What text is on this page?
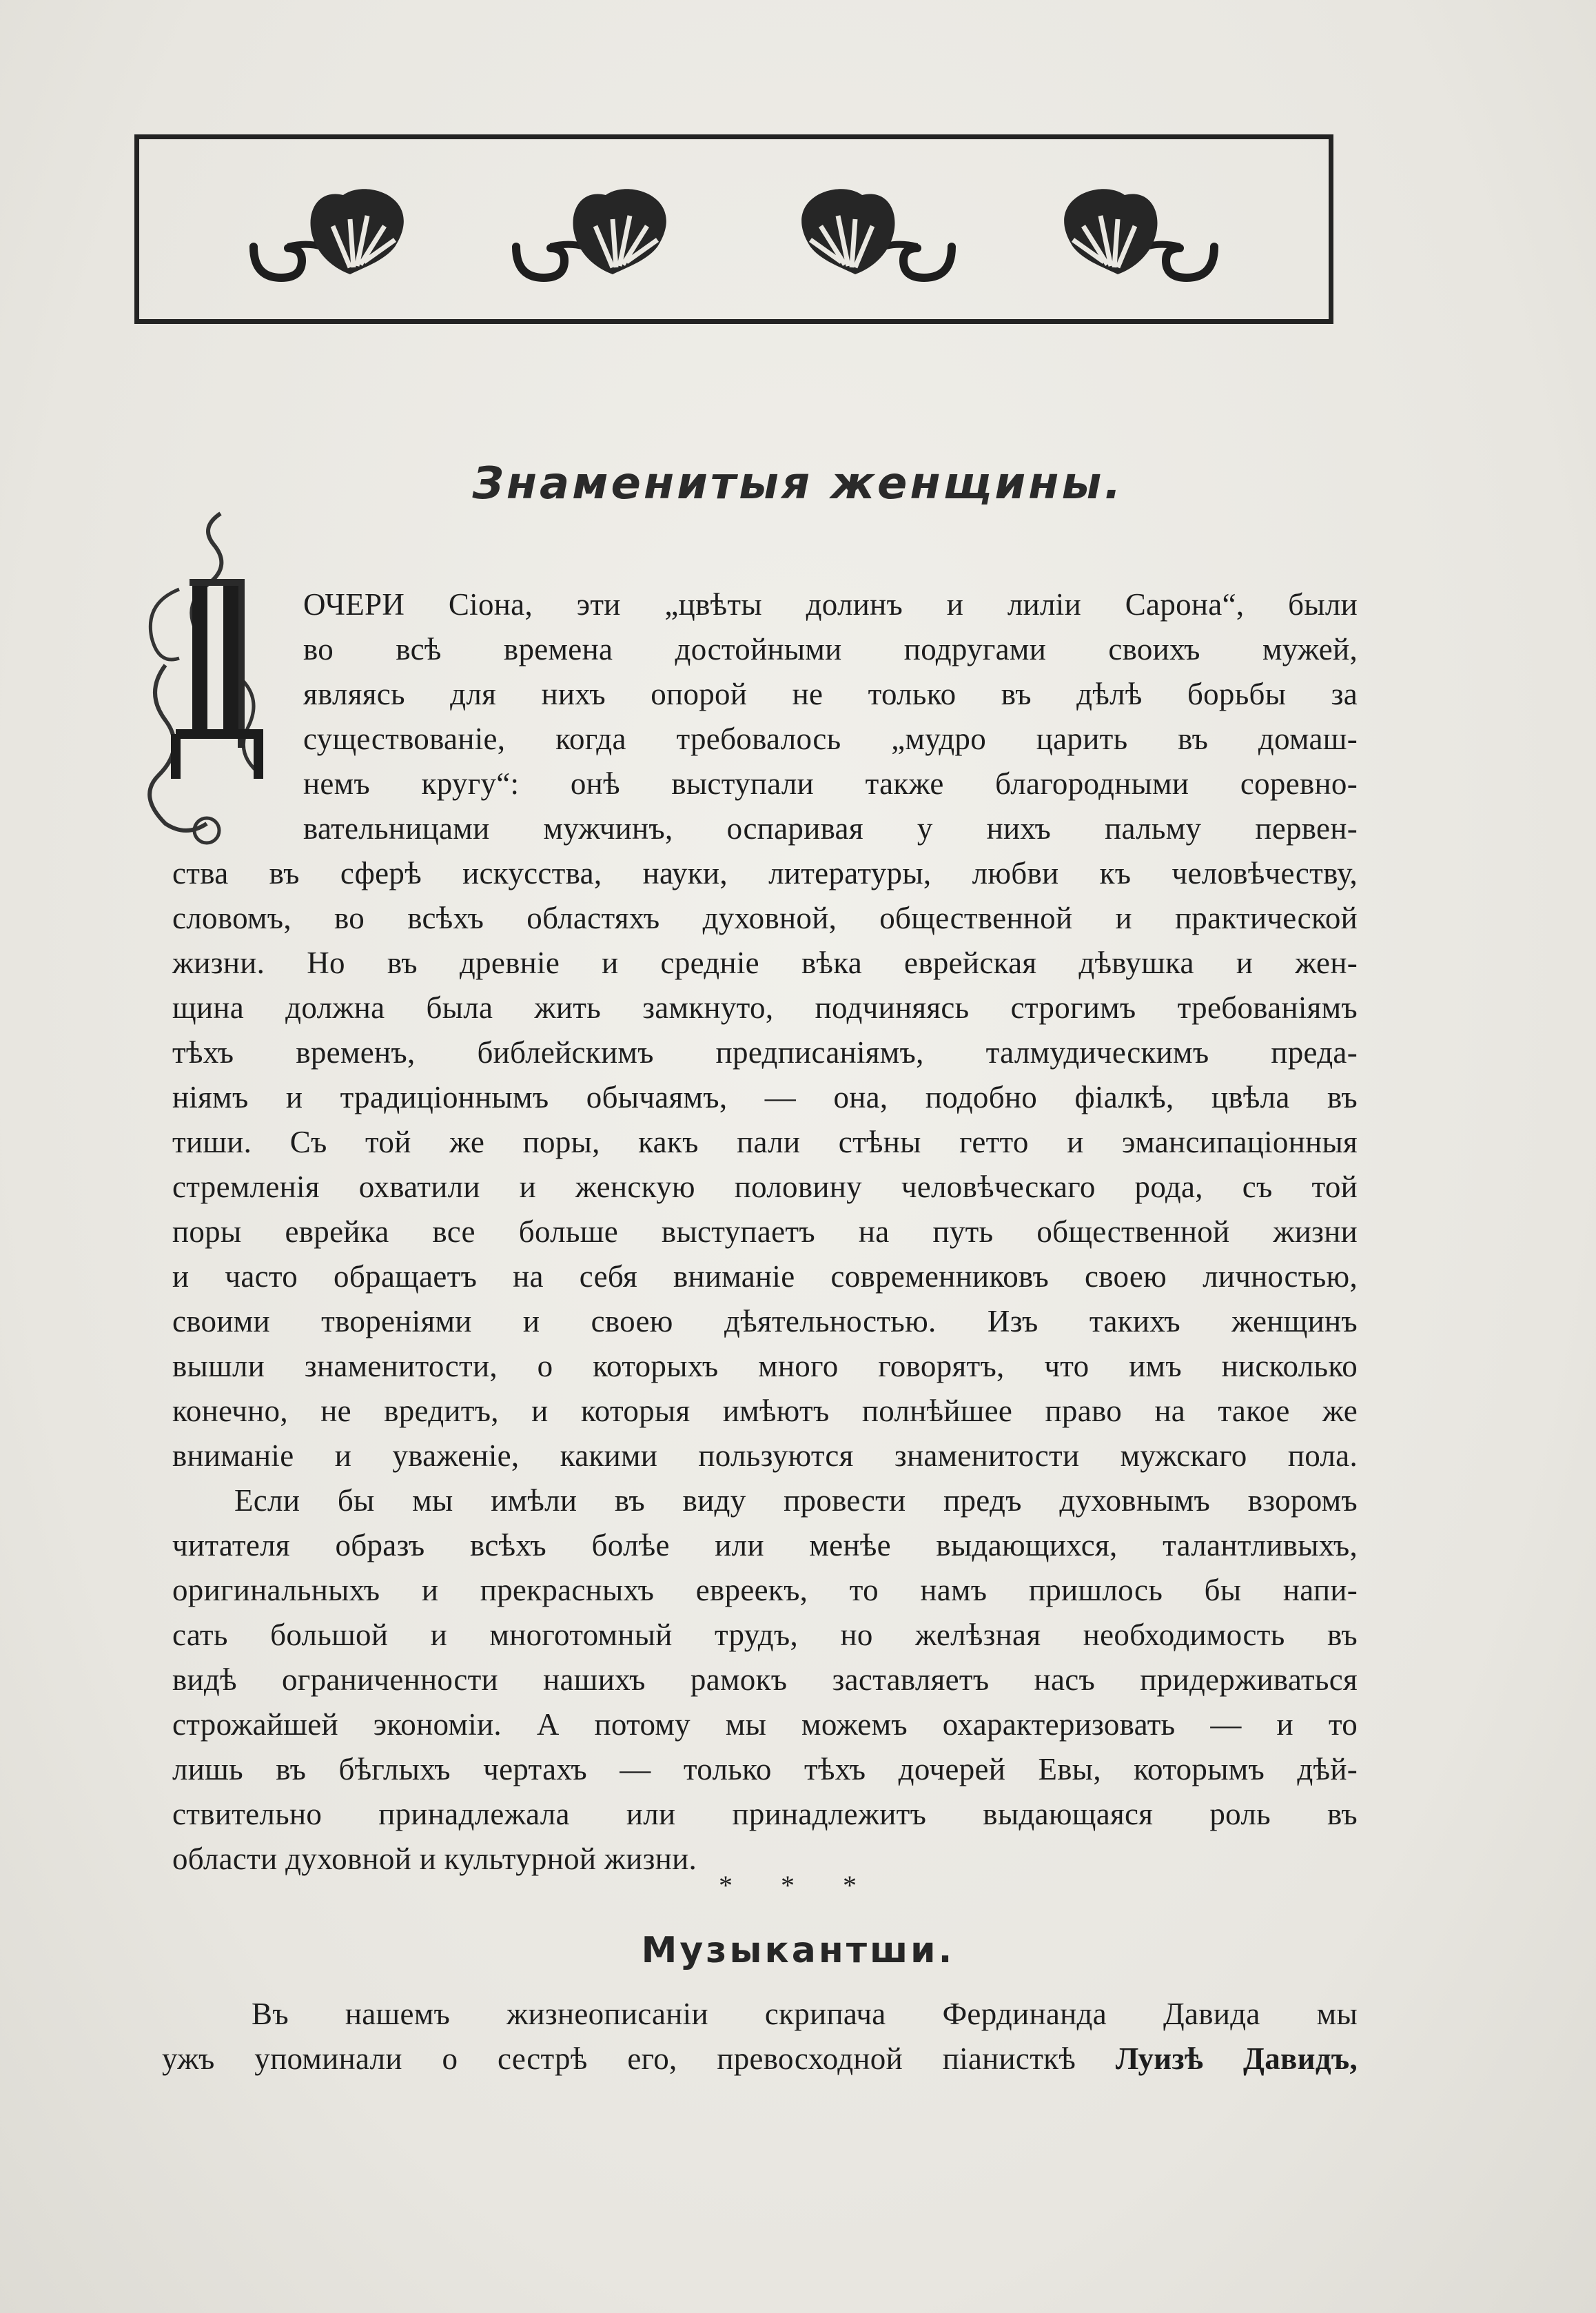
Знаменитыя женщины.
ОЧЕРИ Сіона, эти „цвѣты долинъ и лиліи Сарона“, были
во всѣ времена достойными подругами своихъ мужей,
являясь для нихъ опорой не только въ дѣлѣ борьбы за
существованіе, когда требовалось „мудро царить въ домаш-
немъ кругу“: онѣ выступали также благородными соревно-
вательницами мужчинъ, оспаривая у нихъ пальму первен-
ства въ сферѣ искусства, науки, литературы, любви къ человѣчеству,
словомъ, во всѣхъ областяхъ духовной, общественной и практической
жизни. Но въ древніе и средніе вѣка еврейская дѣвушка и жен-
щина должна была жить замкнуто, подчиняясь строгимъ требованіямъ
тѣхъ временъ, библейскимъ предписаніямъ, талмудическимъ преда-
ніямъ и традиціоннымъ обычаямъ, — она, подобно фіалкѣ, цвѣла въ
тиши. Съ той же поры, какъ пали стѣны гетто и эмансипаціонныя
стремленія охватили и женскую половину человѣческаго рода, съ той
поры еврейка все больше выступаетъ на путь общественной жизни
и часто обращаетъ на себя вниманіе современниковъ своею личностью,
своими твореніями и своею дѣятельностью. Изъ такихъ женщинъ
вышли знаменитости, о которыхъ много говорятъ, что имъ нисколько
конечно, не вредитъ, и которыя имѣютъ полнѣйшее право на такое же
вниманіе и уваженіе, какими пользуются знаменитости мужскаго пола.
Если бы мы имѣли въ виду провести предъ духовнымъ взоромъ
читателя образъ всѣхъ болѣе или менѣе выдающихся, талантливыхъ,
оригинальныхъ и прекрасныхъ евреекъ, то намъ пришлось бы напи-
сать большой и многотомный трудъ, но желѣзная необходимость въ
видѣ ограниченности нашихъ рамокъ заставляетъ насъ придерживаться
строжайшей экономіи. А потому мы можемъ охарактеризовать — и то
лишь въ бѣглыхъ чертахъ — только тѣхъ дочерей Евы, которымъ дѣй-
ствительно принадлежала или принадлежитъ выдающаяся роль въ
области духовной и культурной жизни.
* * *
Музыкантши.
Въ нашемъ жизнеописаніи скрипача Фердинанда Давида мы
ужъ упоминали о сестрѣ его, превосходной піанисткѣ Луизѣ Давидъ,
